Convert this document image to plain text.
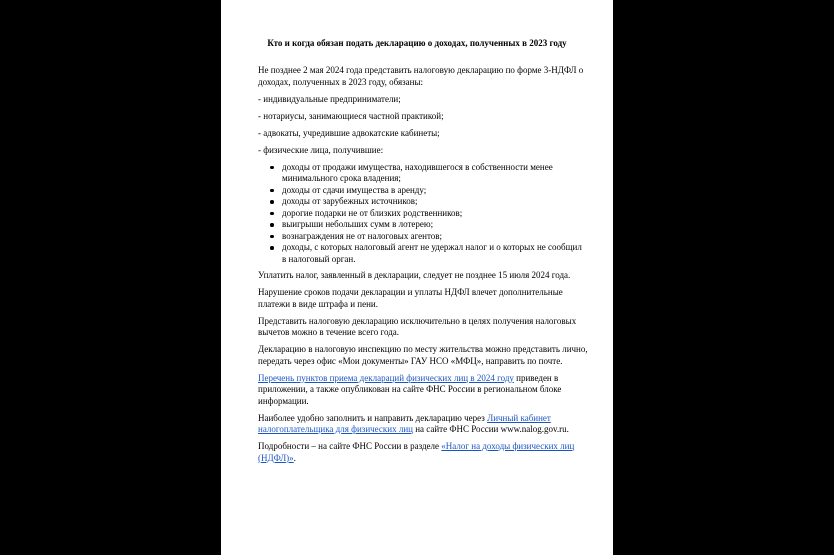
Кто и когда обязан подать декларацию о доходах, полученных в 2023 году

Не позднее 2 мая 2024 года представить налоговую декларацию по форме 3-НДФЛ о доходах, полученных в 2023 году, обязаны:

- индивидуальные предприниматели;

- нотариусы, занимающиеся частной практикой;

- адвокаты, учредившие адвокатские кабинеты;

- физические лица, получившие:

доходы от продажи имущества, находившегося в собственности менее минимального срока владения;
доходы от сдачи имущества в аренду;
доходы от зарубежных источников;
дорогие подарки не от близких родственников;
выигрыши небольших сумм в лотерею;
вознаграждения не от налоговых агентов;
доходы, с которых налоговый агент не удержал налог и о которых не сообщил в налоговый орган.

Уплатить налог, заявленный в декларации, следует не позднее 15 июля 2024 года.

Нарушение сроков подачи декларации и уплаты НДФЛ влечет дополнительные платежи в виде штрафа и пени.

Представить налоговую декларацию исключительно в целях получения налоговых вычетов можно в течение всего года.

Декларацию в налоговую инспекцию по месту жительства можно представить лично, передать через офис «Мои документы» ГАУ НСО «МФЦ», направить по почте.

Перечень пунктов приема деклараций физических лиц в 2024 году приведен в приложении, а также опубликован на сайте ФНС России в региональном блоке информации.

Наиболее удобно заполнить и направить декларацию через Личный кабинет налогоплательщика для физических лиц на сайте ФНС России www.nalog.gov.ru.

Подробности – на сайте ФНС России в разделе «Налог на доходы физических лиц (НДФЛ)».
